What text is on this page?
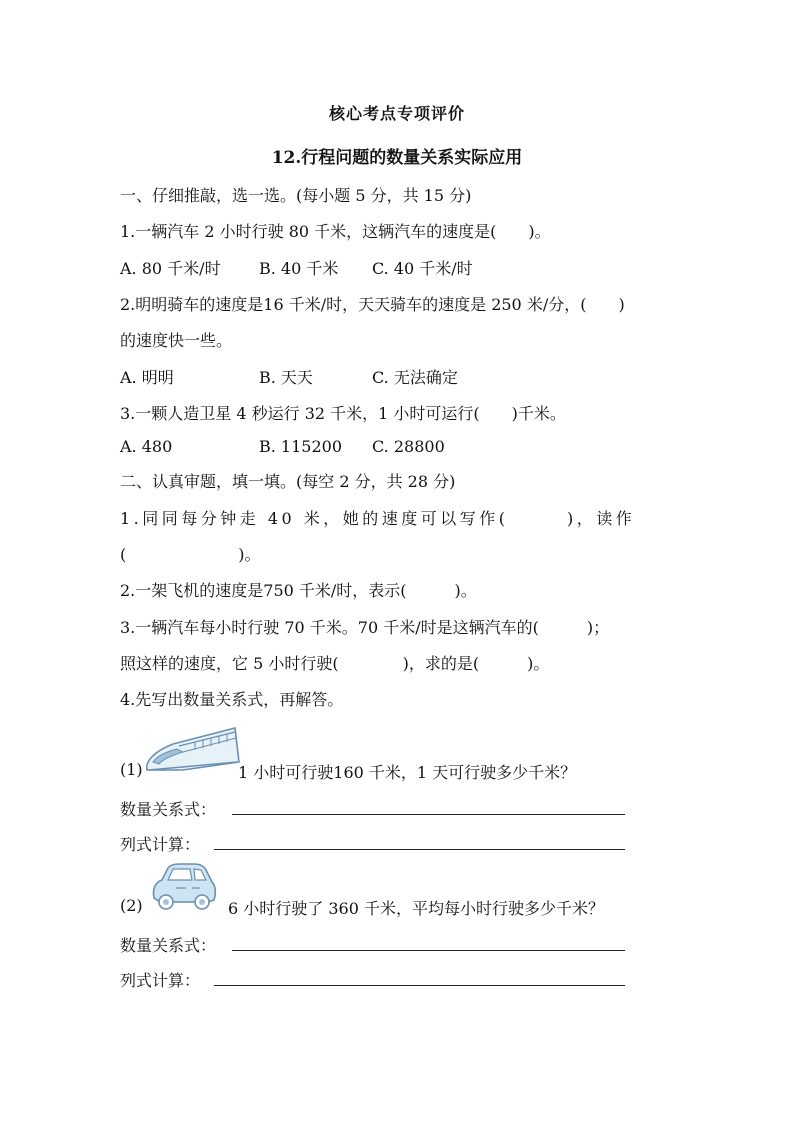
核心考点专项评价
12.行程问题的数量关系实际应用
一、仔细推敲，选一选。(每小题 5 分，共 15 分)
1.一辆汽车 2 小时行驶 80 千米，这辆汽车的速度是(　　)。
A. 80 千米/时 B. 40 千米 C. 40 千米/时
2.明明骑车的速度是16 千米/时，天天骑车的速度是 250 米/分，(　　)
的速度快一些。
A. 明明	B. 天天	C. 无法确定
3.一颗人造卫星 4 秒运行 32 千米，1 小时可运行(　　)千米。
A. 480	B. 115200 C. 28800
二、认真审题，填一填。(每空 2 分，共 28 分)
1.同同每分钟走 40 米，她的速度可以写作(　　　)，读作
(　　　　　　　)。
2.一架飞机的速度是750 千米/时，表示(　　　)。
3.一辆汽车每小时行驶 70 千米。70 千米/时是这辆汽车的(　　　)；
照这样的速度，它 5 小时行驶(　　　　)，求的是(　　　)。
4.先写出数量关系式，再解答。
(1)	1 小时可行驶160 千米，1 天可行驶多少千米？
数量关系式：
列式计算：
(2)	6 小时行驶了 360 千米，平均每小时行驶多少千米？
数量关系式：
列式计算：
